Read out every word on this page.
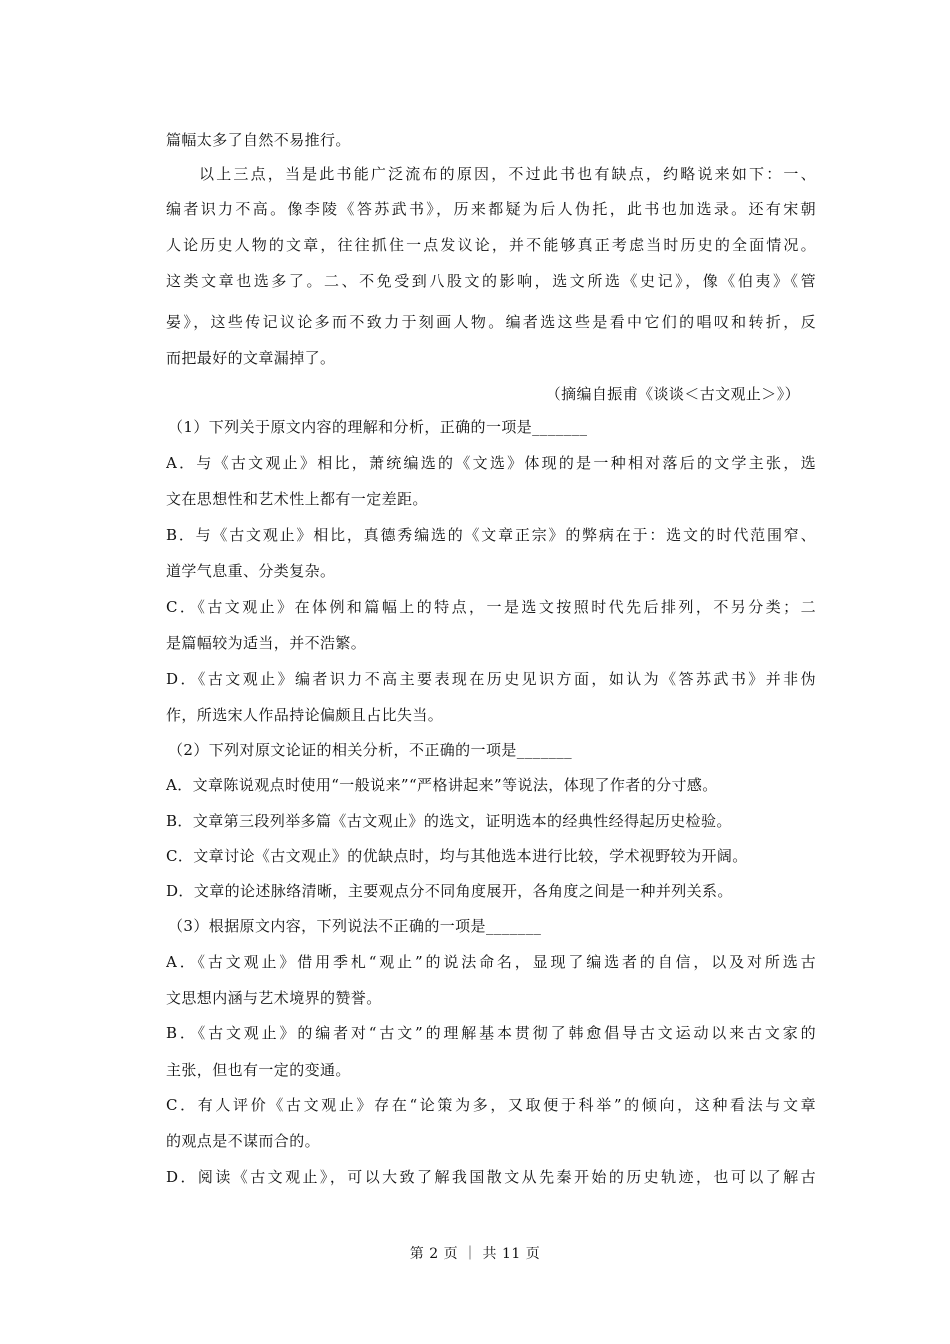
篇幅太多了自然不易推行。
以上三点，当是此书能广泛流布的原因，不过此书也有缺点，约略说来如下：一、
编者识力不高。像李陵《答苏武书》，历来都疑为后人伪托，此书也加选录。还有宋朝
人论历史人物的文章，往往抓住一点发议论，并不能够真正考虑当时历史的全面情况。
这类文章也选多了。二、不免受到八股文的影响，选文所选《史记》，像《伯夷》《管
晏》，这些传记议论多而不致力于刻画人物。编者选这些是看中它们的唱叹和转折，反
而把最好的文章漏掉了。
（摘编自振甫《谈谈＜古文观止＞》）
（1）下列关于原文内容的理解和分析，正确的一项是_______
A．与《古文观止》相比，萧统编选的《文选》体现的是一种相对落后的文学主张，选
文在思想性和艺术性上都有一定差距。
B．与《古文观止》相比，真德秀编选的《文章正宗》的弊病在于：选文的时代范围窄、
道学气息重、分类复杂。
C．《古文观止》在体例和篇幅上的特点，一是选文按照时代先后排列，不另分类；二
是篇幅较为适当，并不浩繁。
D．《古文观止》编者识力不高主要表现在历史见识方面，如认为《答苏武书》并非伪
作，所选宋人作品持论偏颇且占比失当。
（2）下列对原文论证的相关分析，不正确的一项是_______
A．文章陈说观点时使用“一般说来”“严格讲起来”等说法，体现了作者的分寸感。
B．文章第三段列举多篇《古文观止》的选文，证明选本的经典性经得起历史检验。
C．文章讨论《古文观止》的优缺点时，均与其他选本进行比较，学术视野较为开阔。
D．文章的论述脉络清晰，主要观点分不同角度展开，各角度之间是一种并列关系。
（3）根据原文内容，下列说法不正确的一项是_______
A．《古文观止》借用季札“观止”的说法命名，显现了编选者的自信，以及对所选古
文思想内涵与艺术境界的赞誉。
B．《古文观止》的编者对“古文”的理解基本贯彻了韩愈倡导古文运动以来古文家的
主张，但也有一定的变通。
C．有人评价《古文观止》存在“论策为多，又取便于科举”的倾向，这种看法与文章
的观点是不谋而合的。
D．阅读《古文观止》，可以大致了解我国散文从先秦开始的历史轨迹，也可以了解古
第 2 页 ｜ 共 11 页
